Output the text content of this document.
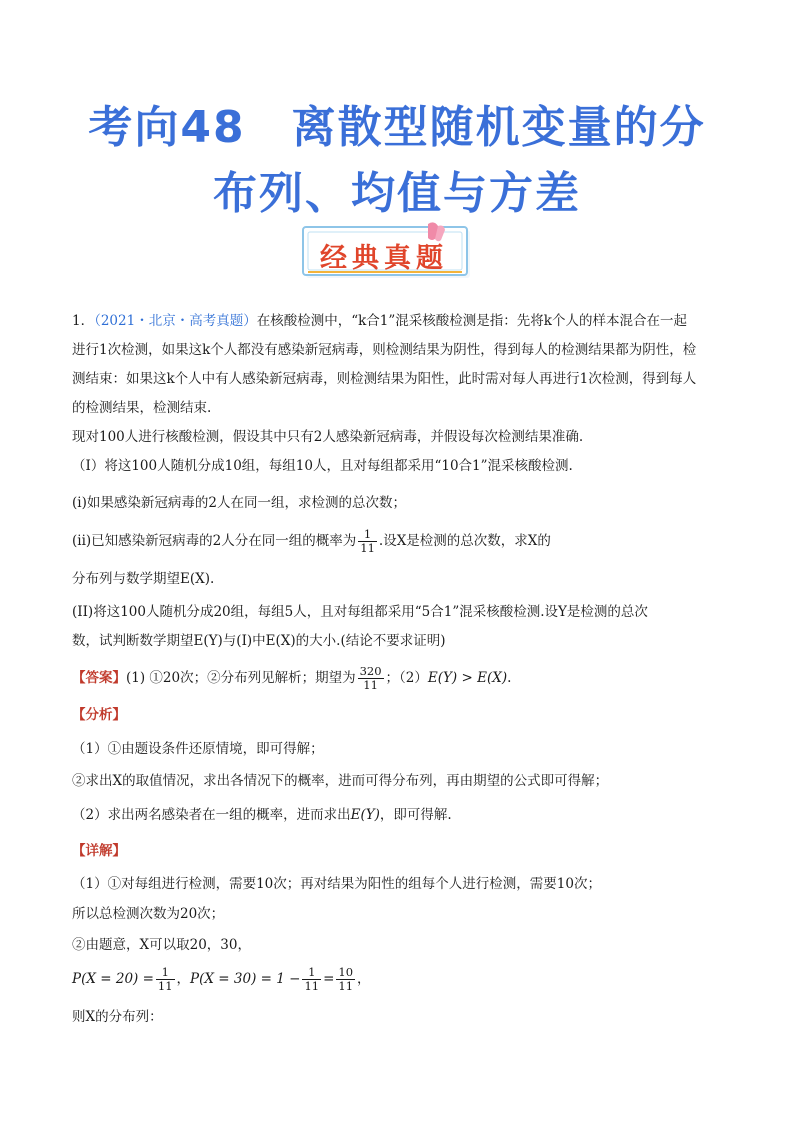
考向48　离散型随机变量的分
布列、均值与方差
经典真题
1．（2021・北京・高考真题）在核酸检测中，“k合1”混采核酸检测是指：先将k个人的样本混合在一起
进行1次检测，如果这k个人都没有感染新冠病毒，则检测结果为阴性，得到每人的检测结果都为阴性，检
测结束：如果这k个人中有人感染新冠病毒，则检测结果为阳性，此时需对每人再进行1次检测，得到每人
的检测结果，检测结束.
现对100人进行核酸检测，假设其中只有2人感染新冠病毒，并假设每次检测结果准确.
（I）将这100人随机分成10组，每组10人，且对每组都采用“10合1”混采核酸检测.
(i)如果感染新冠病毒的2人在同一组，求检测的总次数；
(ii)已知感染新冠病毒的2人分在同一组的概率为 $\frac{1}{11}$ .设X是检测的总次数，求X的
分布列与数学期望E(X).
(II)将这100人随机分成20组，每组5人，且对每组都采用“5合1”混采核酸检测.设Y是检测的总次
数，试判断数学期望E(Y)与(I)中E(X)的大小.(结论不要求证明)
【答案】(1) ①20次；②分布列见解析；期望为 $\frac{320}{11}$ ；（2）E(Y) > E(X).
【分析】
（1）①由题设条件还原情境，即可得解；
②求出X的取值情况，求出各情况下的概率，进而可得分布列，再由期望的公式即可得解；
（2）求出两名感染者在一组的概率，进而求出E(Y)，即可得解.
【详解】
（1）①对每组进行检测，需要10次；再对结果为阳性的组每个人进行检测，需要10次；
所以总检测次数为20次；
②由题意，X可以取20，30，
$P(X = 20) = \frac{1}{11}$ ，$P(X = 30) = 1 - \frac{1}{11} = \frac{10}{11}$ ，
则X的分布列：
